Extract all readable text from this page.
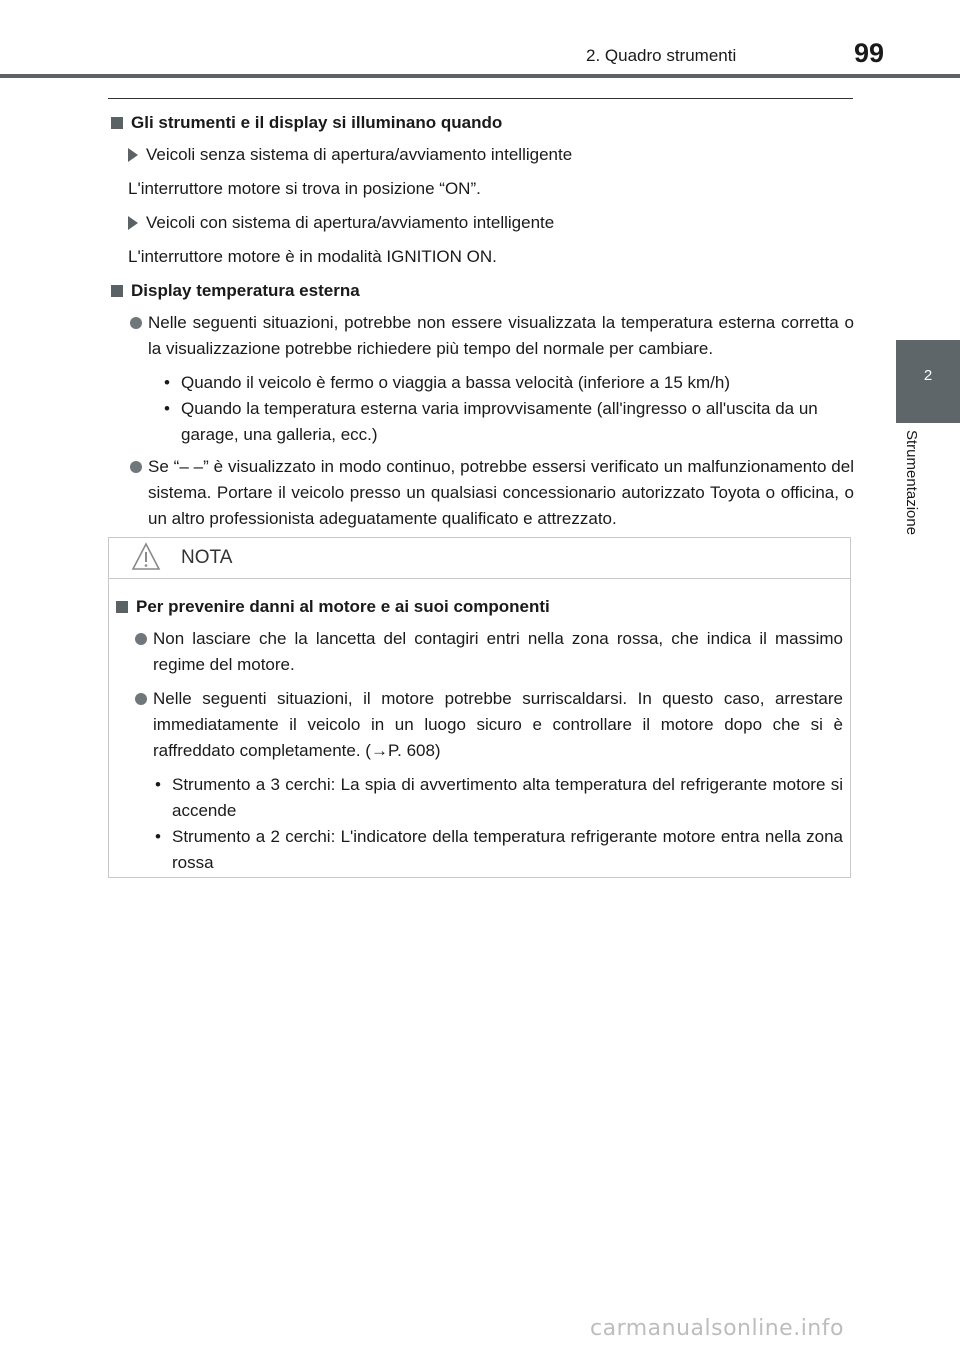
2. Quadro strumenti	99
2
Strumentazione
Gli strumenti e il display si illuminano quando
Veicoli senza sistema di apertura/avviamento intelligente
L'interruttore motore si trova in posizione “ON”.
Veicoli con sistema di apertura/avviamento intelligente
L'interruttore motore è in modalità IGNITION ON.
Display temperatura esterna
Nelle seguenti situazioni, potrebbe non essere visualizzata la temperatura esterna corretta o la visualizzazione potrebbe richiedere più tempo del normale per cambiare.
• Quando il veicolo è fermo o viaggia a bassa velocità (inferiore a 15 km/h)
• Quando la temperatura esterna varia improvvisamente (all'ingresso o all'uscita da un garage, una galleria, ecc.)
Se “– –” è visualizzato in modo continuo, potrebbe essersi verificato un malfunzionamento del sistema. Portare il veicolo presso un qualsiasi concessionario autorizzato Toyota o officina, o un altro professionista adeguatamente qualificato e attrezzato.
NOTA
Per prevenire danni al motore e ai suoi componenti
Non lasciare che la lancetta del contagiri entri nella zona rossa, che indica il massimo regime del motore.
Nelle seguenti situazioni, il motore potrebbe surriscaldarsi. In questo caso, arrestare immediatamente il veicolo in un luogo sicuro e controllare il motore dopo che si è raffreddato completamente. (→P. 608)
• Strumento a 3 cerchi: La spia di avvertimento alta temperatura del refrigerante motore si accende
• Strumento a 2 cerchi: L'indicatore della temperatura refrigerante motore entra nella zona rossa
carmanualsonline.info
